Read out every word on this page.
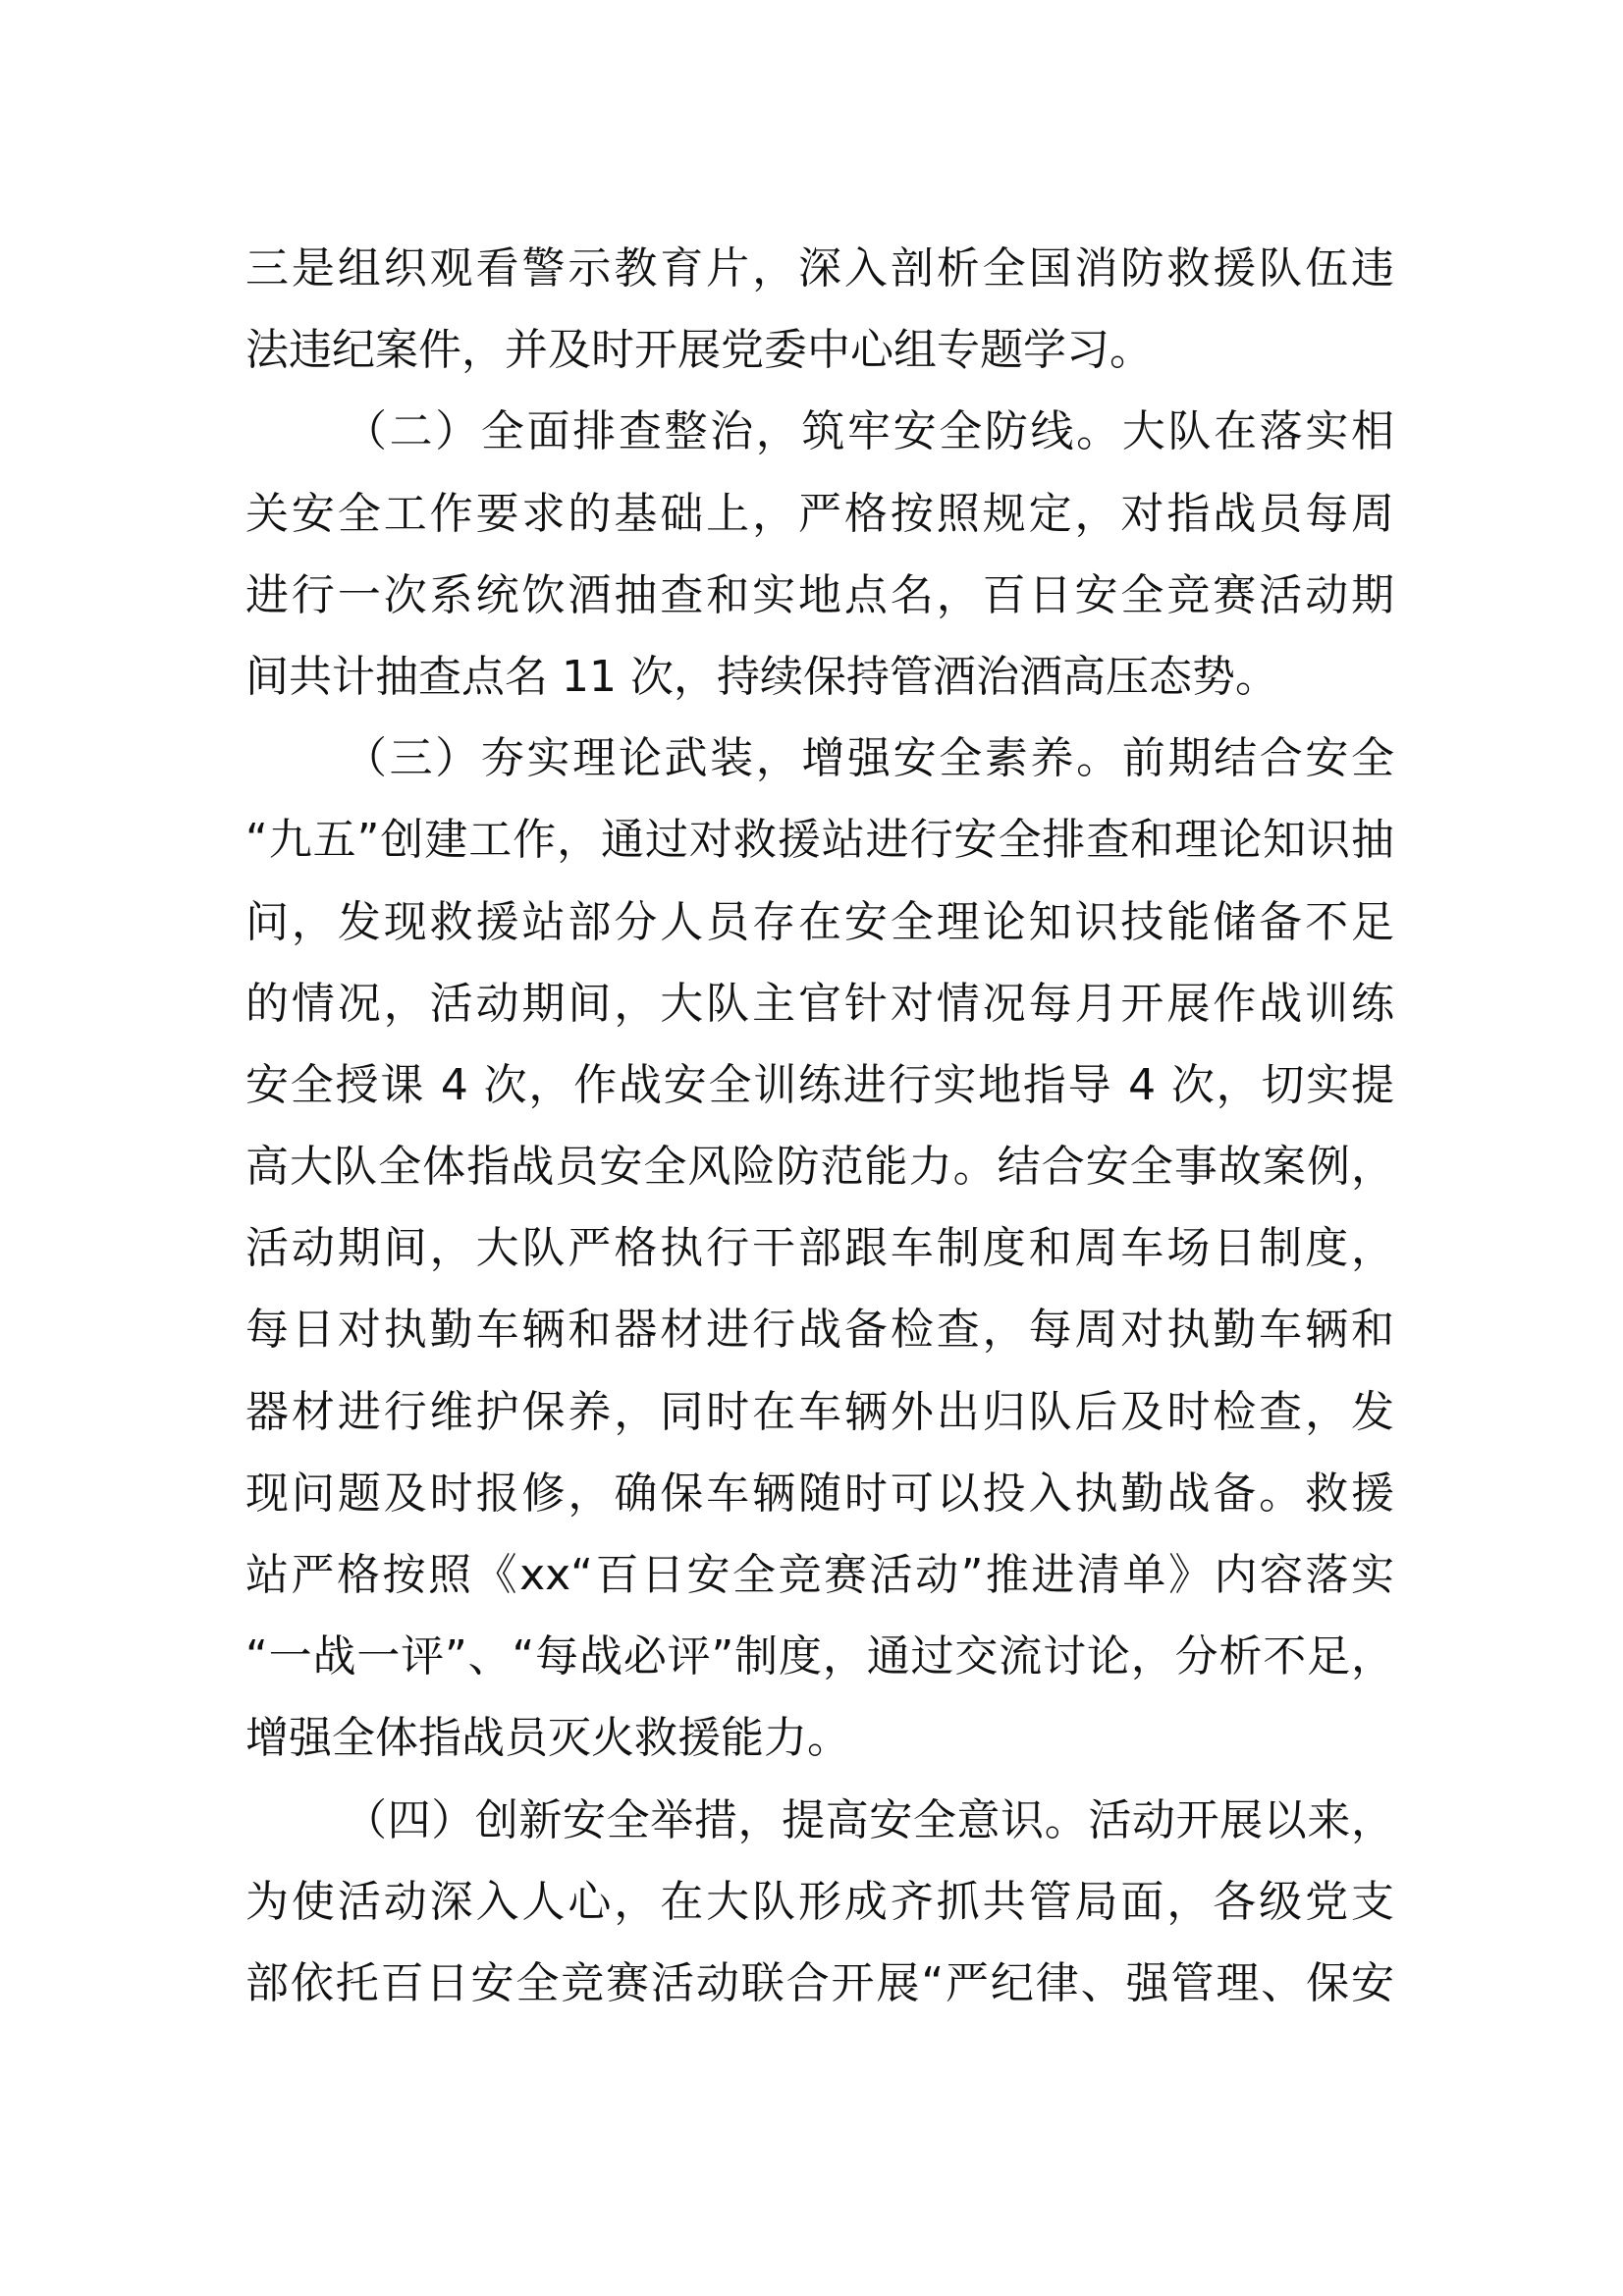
三是组织观看警示教育片，深入剖析全国消防救援队伍违
法违纪案件，并及时开展党委中心组专题学习。
（二）全面排查整治，筑牢安全防线。大队在落实相
关安全工作要求的基础上，严格按照规定，对指战员每周
进行一次系统饮酒抽查和实地点名，百日安全竞赛活动期
间共计抽查点名 11 次，持续保持管酒治酒高压态势。
（三）夯实理论武装，增强安全素养。前期结合安全
“九五”创建工作，通过对救援站进行安全排查和理论知识抽
问，发现救援站部分人员存在安全理论知识技能储备不足
的情况，活动期间，大队主官针对情况每月开展作战训练
安全授课 4 次，作战安全训练进行实地指导 4 次，切实提
高大队全体指战员安全风险防范能力。结合安全事故案例，
活动期间，大队严格执行干部跟车制度和周车场日制度，
每日对执勤车辆和器材进行战备检查，每周对执勤车辆和
器材进行维护保养，同时在车辆外出归队后及时检查，发
现问题及时报修，确保车辆随时可以投入执勤战备。救援
站严格按照《xx“百日安全竞赛活动”推进清单》内容落实
“一战一评”、“每战必评”制度，通过交流讨论，分析不足，
增强全体指战员灭火救援能力。
（四）创新安全举措，提高安全意识。活动开展以来，
为使活动深入人心，在大队形成齐抓共管局面，各级党支
部依托百日安全竞赛活动联合开展“严纪律、强管理、保安
